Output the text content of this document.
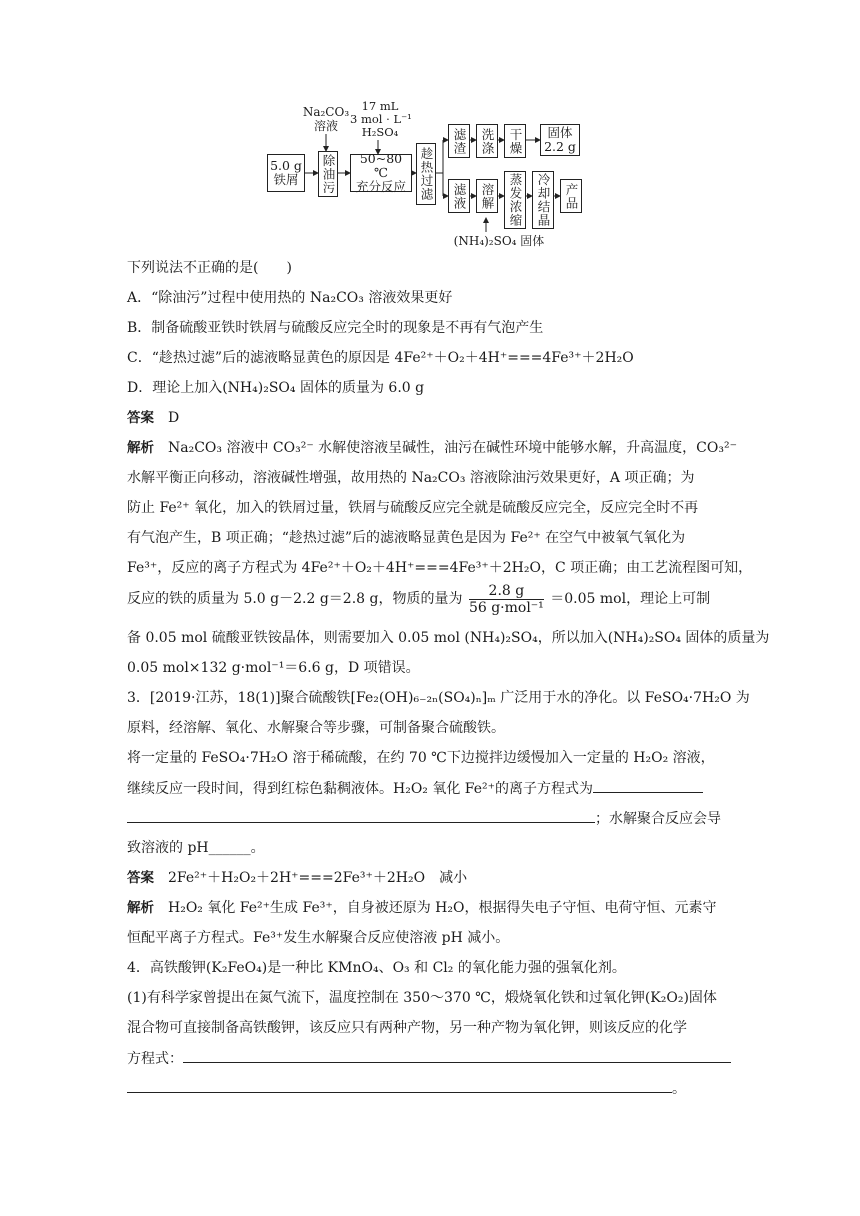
Na₂CO₃
溶液
17 mL
3 mol · L⁻¹
H₂SO₄
5.0 g
铁屑 除油污	50~80 ℃
充分反应 趁热过滤
滤渣	洗涤	干燥 固体
2.2 g
滤液	溶解	蒸发浓缩	冷却结晶	产品
(NH₄)₂SO₄ 固体
下列说法不正确的是(　　)
A．“除油污”过程中使用热的 Na₂CO₃ 溶液效果更好
B．制备硫酸亚铁时铁屑与硫酸反应完全时的现象是不再有气泡产生
C．“趁热过滤”后的滤液略显黄色的原因是 4Fe²⁺＋O₂＋4H⁺===4Fe³⁺＋2H₂O
D．理论上加入(NH₄)₂SO₄ 固体的质量为 6.0 g
答案　 D
解析　 Na₂CO₃ 溶液中 CO₃²⁻ 水解使溶液呈碱性，油污在碱性环境中能够水解，升高温度，CO₃²⁻
水解平衡正向移动，溶液碱性增强，故用热的 Na₂CO₃ 溶液除油污效果更好，A 项正确；为
防止 Fe²⁺ 氧化，加入的铁屑过量，铁屑与硫酸反应完全就是硫酸反应完全，反应完全时不再
有气泡产生，B 项正确；“趁热过滤”后的滤液略显黄色是因为 Fe²⁺ 在空气中被氧气氧化为
Fe³⁺，反应的离子方程式为 4Fe²⁺＋O₂＋4H⁺===4Fe³⁺＋2H₂O，C 项正确；由工艺流程图可知，
反应的铁的质量为 5.0 g－2.2 g＝2.8 g，物质的量为 $\frac{2.8 g}{\text{56 g·mol⁻¹}} =0.05$ mol，理论上可制
备 0.05 mol 硫酸亚铁铵晶体，则需要加入 0.05 mol (NH₄)₂SO₄，所以加入(NH₄)₂SO₄ 固体的质量为
0.05 mol×132 g·mol⁻¹＝6.6 g，D 项错误。
3．[2019·江苏，18(1)]聚合硫酸铁[Fe₂(OH)₆₋₂ₙ(SO₄)ₙ]ₘ 广泛用于水的净化。以 FeSO₄·7H₂O 为
原料，经溶解、氧化、水解聚合等步骤，可制备聚合硫酸铁。
将一定量的 FeSO₄·7H₂O 溶于稀硫酸，在约 70 ℃下边搅拌边缓慢加入一定量的 H₂O₂ 溶液，
继续反应一段时间，得到红棕色黏稠液体。H₂O₂ 氧化 Fe²⁺的离子方程式为
；水解聚合反应会导
致溶液的 pH______。
答案　 2Fe²⁺＋H₂O₂＋2H⁺===2Fe³⁺＋2H₂O　减小
解析　 H₂O₂ 氧化 Fe²⁺生成 Fe³⁺，自身被还原为 H₂O，根据得失电子守恒、电荷守恒、元素守
恒配平离子方程式。Fe³⁺发生水解聚合反应使溶液 pH 减小。
4．高铁酸钾(K₂FeO₄)是一种比 KMnO₄、O₃ 和 Cl₂ 的氧化能力强的强氧化剂。
(1)有科学家曾提出在氮气流下，温度控制在 350～370 ℃，煅烧氧化铁和过氧化钾(K₂O₂)固体
混合物可直接制备高铁酸钾，该反应只有两种产物，另一种产物为氧化钾，则该反应的化学
方程式：
。
